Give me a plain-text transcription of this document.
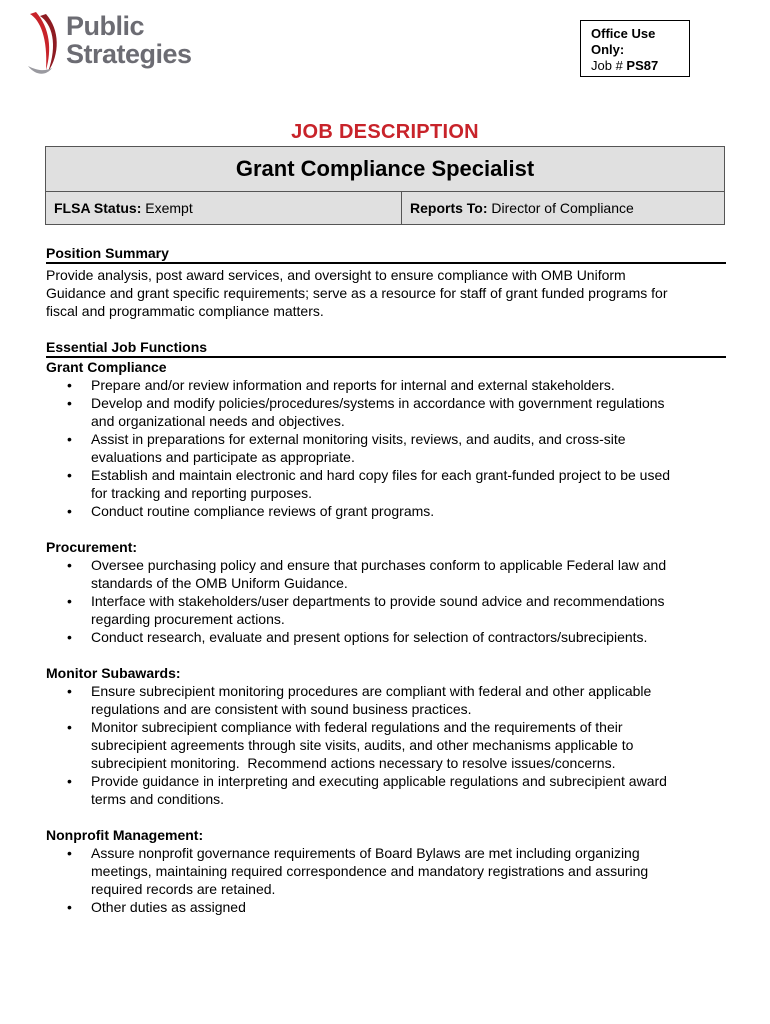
Public
Strategies
Office Use
Only:
Job # PS87
JOB DESCRIPTION
Grant Compliance Specialist
FLSA Status: Exempt	Reports To: Director of Compliance
Position Summary
Provide analysis, post award services, and oversight to ensure compliance with OMB Uniform
Guidance and grant specific requirements; serve as a resource for staff of grant funded programs for
fiscal and programmatic compliance matters.
Essential Job Functions
Grant Compliance
• Prepare and/or review information and reports for internal and external stakeholders.
• Develop and modify policies/procedures/systems in accordance with government regulations
and organizational needs and objectives.
• Assist in preparations for external monitoring visits, reviews, and audits, and cross-site
evaluations and participate as appropriate.
• Establish and maintain electronic and hard copy files for each grant-funded project to be used
for tracking and reporting purposes.
• Conduct routine compliance reviews of grant programs.
Procurement:
• Oversee purchasing policy and ensure that purchases conform to applicable Federal law and
standards of the OMB Uniform Guidance.
• Interface with stakeholders/user departments to provide sound advice and recommendations
regarding procurement actions.
• Conduct research, evaluate and present options for selection of contractors/subrecipients.
Monitor Subawards:
• Ensure subrecipient monitoring procedures are compliant with federal and other applicable
regulations and are consistent with sound business practices.
• Monitor subrecipient compliance with federal regulations and the requirements of their
subrecipient agreements through site visits, audits, and other mechanisms applicable to
subrecipient monitoring.  Recommend actions necessary to resolve issues/concerns.
• Provide guidance in interpreting and executing applicable regulations and subrecipient award
terms and conditions.
Nonprofit Management:
• Assure nonprofit governance requirements of Board Bylaws are met including organizing
meetings, maintaining required correspondence and mandatory registrations and assuring
required records are retained.
• Other duties as assigned
